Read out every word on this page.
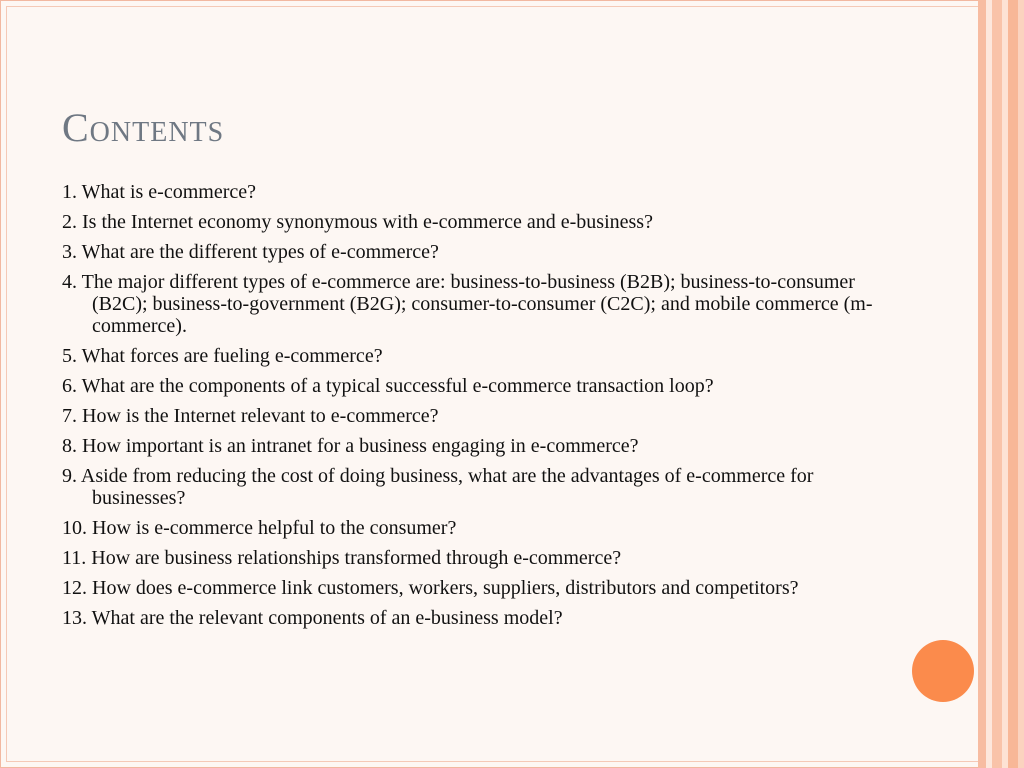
Contents
1. What is e-commerce?
2. Is the Internet economy synonymous with e-commerce and e-business?
3. What are the different types of e-commerce?
4. The major different types of e-commerce are: business-to-business (B2B); business-to-consumer (B2C); business-to-government (B2G); consumer-to-consumer (C2C); and mobile commerce (m-commerce).
5. What forces are fueling e-commerce?
6. What are the components of a typical successful e-commerce transaction loop?
7. How is the Internet relevant to e-commerce?
8. How important is an intranet for a business engaging in e-commerce?
9. Aside from reducing the cost of doing business, what are the advantages of e-commerce for businesses?
10. How is e-commerce helpful to the consumer?
11. How are business relationships transformed through e-commerce?
12. How does e-commerce link customers, workers, suppliers, distributors and competitors?
13. What are the relevant components of an e-business model?
